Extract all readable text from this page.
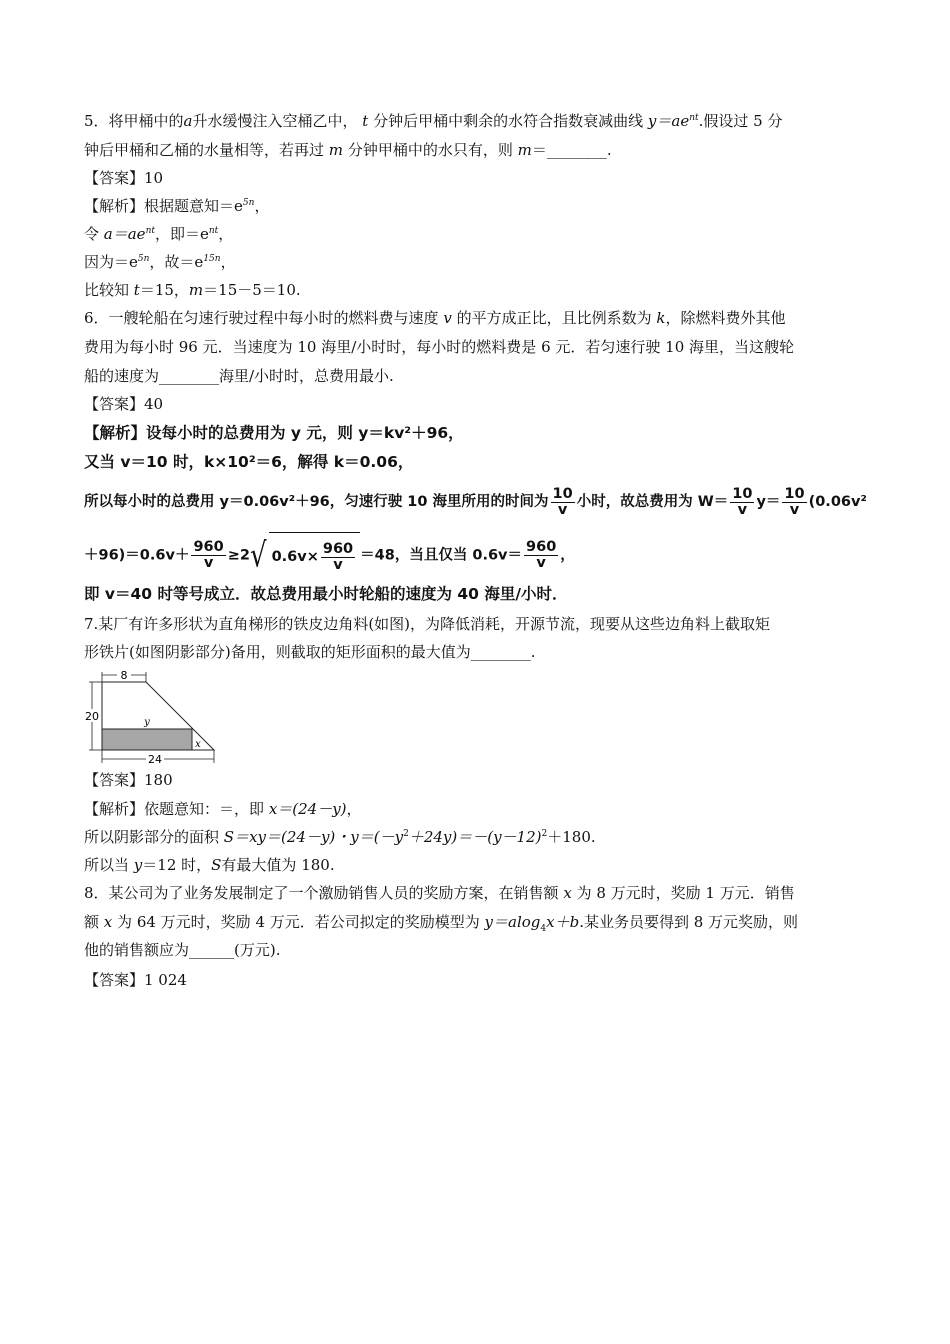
5．将甲桶中的a升水缓慢注入空桶乙中， t 分钟后甲桶中剩余的水符合指数衰减曲线 $y=ae^{nt}$.假设过 5 分
钟后甲桶和乙桶的水量相等，若再过 m 分钟甲桶中的水只有，则 m＝________.
【答案】10
【解析】根据题意知$=e^{5n}$，
令 $a=ae^{nt}$，即$=e^{nt}$，
因为$=e^{5n}$，故$=e^{15n}$，
比较知 t＝15，m＝15－5＝10.
6．一艘轮船在匀速行驶过程中每小时的燃料费与速度 v 的平方成正比，且比例系数为 k，除燃料费外其他
费用为每小时 96 元．当速度为 10 海里/小时时，每小时的燃料费是 6 元．若匀速行驶 10 海里，当这艘轮
船的速度为________海里/小时时，总费用最小.
【答案】40
【解析】设每小时的总费用为 y 元，则 y＝kv²＋96，
又当 v＝10 时，k×10²＝6，解得 k＝0.06，
所以每小时的总费用 y＝0.06v²＋96，匀速行驶 10 海里所用的时间为 $\frac{10}{v}$ 小时，故总费用为 $W= \frac{10}{v} y= \frac{10}{v} (0.06v^2$
$+96)=0.6v+ \frac{960}{v} \ge 2√$ $0.6v\times \frac{960}{v} =48$，当且仅当 $0.6v= \frac{960}{v}$ ，
即 v＝40 时等号成立．故总费用最小时轮船的速度为 40 海里/小时．
7.某厂有许多形状为直角梯形的铁皮边角料(如图)，为降低消耗，开源节流，现要从这些边角料上截取矩
形铁片(如图阴影部分)备用，则截取的矩形面积的最大值为________.
8
20
24
y
x
【答案】180
【解析】依题意知：＝，即 x＝(24－y)，
所以阴影部分的面积 S＝xy＝(24－y)・$y=(-y^2+24y)=-(y-12)^2+180$.
所以当 y＝12 时，S有最大值为 180.
8．某公司为了业务发展制定了一个激励销售人员的奖励方案，在销售额 x 为 8 万元时，奖励 1 万元．销售
额 x 为 64 万元时，奖励 4 万元．若公司拟定的奖励模型为 y＝alog$_4$x＋b.某业务员要得到 8 万元奖励，则
他的销售额应为______(万元).
【答案】1 024
